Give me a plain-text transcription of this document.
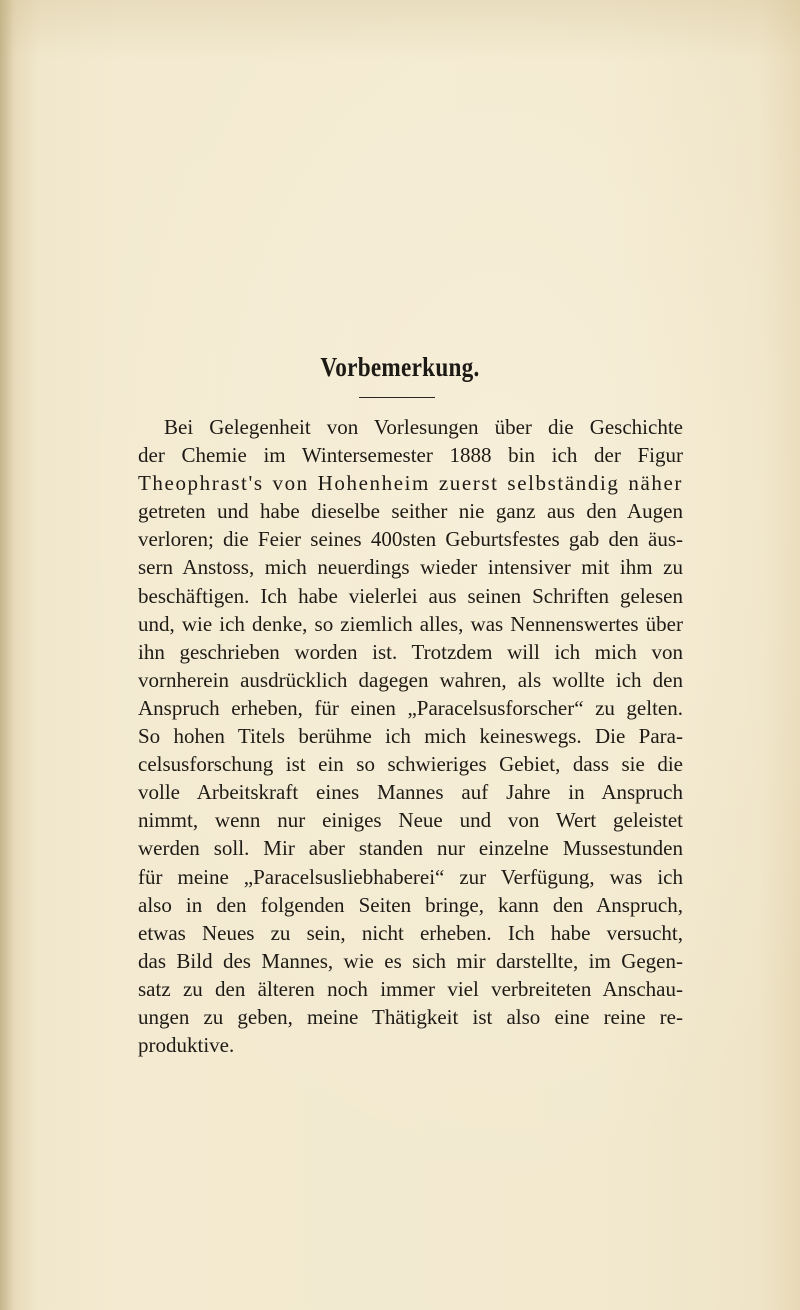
Vorbemerkung.
Bei Gelegenheit von Vorlesungen über die Geschichte
der Chemie im Wintersemester 1888 bin ich der Figur
Theophrast's von Hohenheim zuerst selbständig näher
getreten und habe dieselbe seither nie ganz aus den Augen
verloren; die Feier seines 400sten Geburtsfestes gab den äus-
sern Anstoss, mich neuerdings wieder intensiver mit ihm zu
beschäftigen. Ich habe vielerlei aus seinen Schriften gelesen
und, wie ich denke, so ziemlich alles, was Nennenswertes über
ihn geschrieben worden ist. Trotzdem will ich mich von
vornherein ausdrücklich dagegen wahren, als wollte ich den
Anspruch erheben, für einen „Paracelsusforscher“ zu gelten.
So hohen Titels berühme ich mich keineswegs. Die Para-
celsusforschung ist ein so schwieriges Gebiet, dass sie die
volle Arbeitskraft eines Mannes auf Jahre in Anspruch
nimmt, wenn nur einiges Neue und von Wert geleistet
werden soll. Mir aber standen nur einzelne Mussestunden
für meine „Paracelsusliebhaberei“ zur Verfügung, was ich
also in den folgenden Seiten bringe, kann den Anspruch,
etwas Neues zu sein, nicht erheben. Ich habe versucht,
das Bild des Mannes, wie es sich mir darstellte, im Gegen-
satz zu den älteren noch immer viel verbreiteten Anschau-
ungen zu geben, meine Thätigkeit ist also eine reine re-
produktive.
